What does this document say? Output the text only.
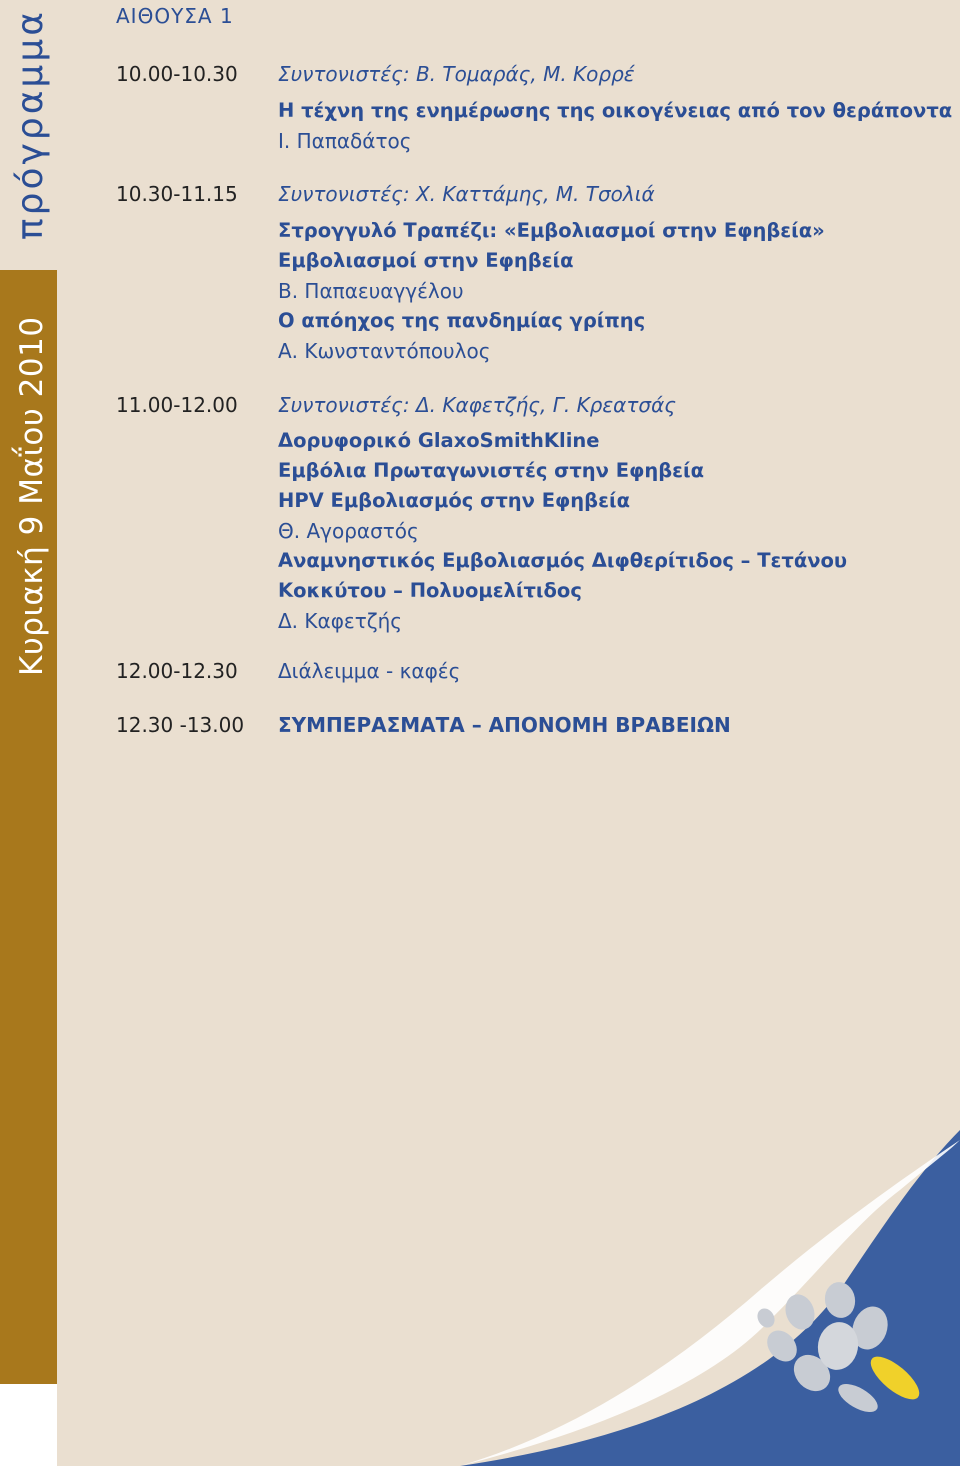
πρόγραμμα
Κυριακή 9 Μαΐου 2010
ΑΙΘΟΥΣΑ 1
10.00-10.30 Συντονιστές: Β. Τομαράς, Μ. Κορρέ
Η τέχνη της ενημέρωσης της οικογένειας από τον θεράποντα
Ι. Παπαδάτος
10.30-11.15 Συντονιστές: Χ. Καττάμης, Μ. Τσολιά
Στρογγυλό Τραπέζι: «Εμβολιασμοί στην Εφηβεία»
Εμβολιασμοί στην Εφηβεία
Β. Παπαευαγγέλου
Ο απόηχος της πανδημίας γρίπης
Α. Κωνσταντόπουλος
11.00-12.00 Συντονιστές: Δ. Καφετζής, Γ. Κρεατσάς
Δορυφορικό GlaxoSmithKline
Εμβόλια Πρωταγωνιστές στην Εφηβεία
HPV Εμβολιασμός στην Εφηβεία
Θ. Αγοραστός
Αναμνηστικός Εμβολιασμός Διφθερίτιδος – Τετάνου
Κοκκύτου – Πολυομελίτιδος
Δ. Καφετζής
12.00-12.30 Διάλειμμα - καφές
12.30 -13.00 ΣΥΜΠΕΡΑΣΜΑΤΑ – ΑΠΟΝΟΜΗ ΒΡΑΒΕΙΩΝ
